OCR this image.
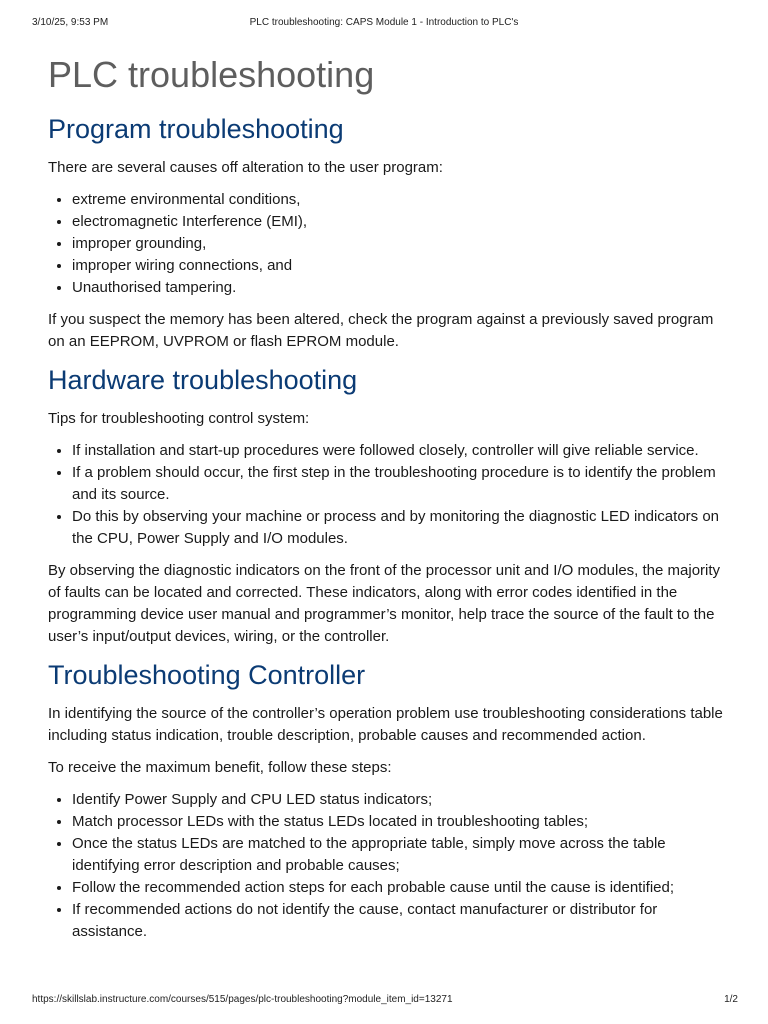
3/10/25, 9:53 PM	PLC troubleshooting: CAPS Module 1 - Introduction to PLC's
PLC troubleshooting
Program troubleshooting

There are several causes off alteration to the user program:

• extreme environmental conditions,
• electromagnetic Interference (EMI),
• improper grounding,
• improper wiring connections, and
• Unauthorised tampering.

If you suspect the memory has been altered, check the program against a previously saved program on an EEPROM, UVPROM or flash EPROM module.

Hardware troubleshooting

Tips for troubleshooting control system:

• If installation and start-up procedures were followed closely, controller will give reliable service.
• If a problem should occur, the first step in the troubleshooting procedure is to identify the problem and its source.
• Do this by observing your machine or process and by monitoring the diagnostic LED indicators on the CPU, Power Supply and I/O modules.

By observing the diagnostic indicators on the front of the processor unit and I/O modules, the majority of faults can be located and corrected. These indicators, along with error codes identified in the programming device user manual and programmer’s monitor, help trace the source of the fault to the user’s input/output devices, wiring, or the controller.

Troubleshooting Controller

In identifying the source of the controller’s operation problem use troubleshooting considerations table including status indication, trouble description, probable causes and recommended action.

To receive the maximum benefit, follow these steps:

• Identify Power Supply and CPU LED status indicators;
• Match processor LEDs with the status LEDs located in troubleshooting tables;
• Once the status LEDs are matched to the appropriate table, simply move across the table identifying error description and probable causes;
• Follow the recommended action steps for each probable cause until the cause is identified;
• If recommended actions do not identify the cause, contact manufacturer or distributor for assistance.
https://skillslab.instructure.com/courses/515/pages/plc-troubleshooting?module_item_id=13271	1/2
